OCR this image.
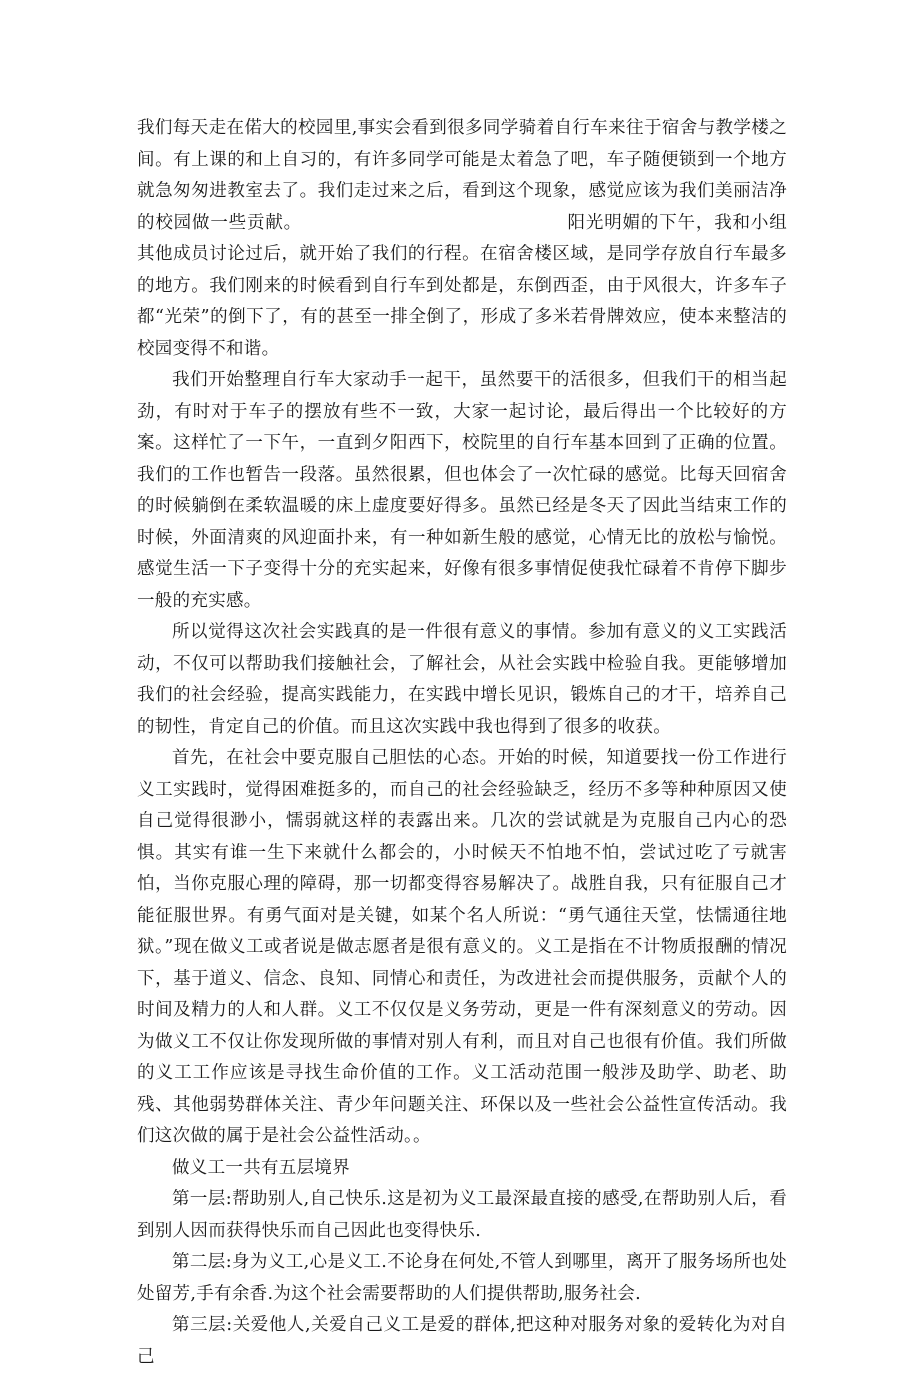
我们每天走在偌大的校园里,事实会看到很多同学骑着自行车来往于宿舍与教学楼之间。有上课的和上自习的，有许多同学可能是太着急了吧，车子随便锁到一个地方就急匆匆进教室去了。我们走过来之后，看到这个现象，感觉应该为我们美丽洁净的校园做一些贡献。	阳光明媚的下午，我和小组其他成员讨论过后，就开始了我们的行程。在宿舍楼区域，是同学存放自行车最多的地方。我们刚来的时候看到自行车到处都是，东倒西歪，由于风很大，许多车子都“光荣”的倒下了，有的甚至一排全倒了，形成了多米若骨牌效应，使本来整洁的校园变得不和谐。

我们开始整理自行车大家动手一起干，虽然要干的活很多，但我们干的相当起劲，有时对于车子的摆放有些不一致，大家一起讨论，最后得出一个比较好的方案。这样忙了一下午，一直到夕阳西下，校院里的自行车基本回到了正确的位置。我们的工作也暂告一段落。虽然很累，但也体会了一次忙碌的感觉。比每天回宿舍的时候躺倒在柔软温暖的床上虚度要好得多。虽然已经是冬天了因此当结束工作的时候，外面清爽的风迎面扑来，有一种如新生般的感觉，心情无比的放松与愉悦。感觉生活一下子变得十分的充实起来，好像有很多事情促使我忙碌着不肯停下脚步一般的充实感。

所以觉得这次社会实践真的是一件很有意义的事情。参加有意义的义工实践活动，不仅可以帮助我们接触社会，了解社会，从社会实践中检验自我。更能够增加我们的社会经验，提高实践能力，在实践中增长见识，锻炼自己的才干，培养自己的韧性，肯定自己的价值。而且这次实践中我也得到了很多的收获。

首先，在社会中要克服自己胆怯的心态。开始的时候，知道要找一份工作进行义工实践时，觉得困难挺多的，而自己的社会经验缺乏，经历不多等种种原因又使自己觉得很渺小，懦弱就这样的表露出来。几次的尝试就是为克服自己内心的恐惧。其实有谁一生下来就什么都会的，小时候天不怕地不怕，尝试过吃了亏就害怕，当你克服心理的障碍，那一切都变得容易解决了。战胜自我，只有征服自己才能征服世界。有勇气面对是关键，如某个名人所说：“勇气通往天堂，怯懦通往地狱。”现在做义工或者说是做志愿者是很有意义的。义工是指在不计物质报酬的情况下，基于道义、信念、良知、同情心和责任，为改进社会而提供服务，贡献个人的时间及精力的人和人群。义工不仅仅是义务劳动，更是一件有深刻意义的劳动。因为做义工不仅让你发现所做的事情对别人有利，而且对自己也很有价值。我们所做的义工工作应该是寻找生命价值的工作。义工活动范围一般涉及助学、助老、助残、其他弱势群体关注、青少年问题关注、环保以及一些社会公益性宣传活动。我们这次做的属于是社会公益性活动。。

做义工一共有五层境界

第一层:帮助别人,自己快乐.这是初为义工最深最直接的感受,在帮助别人后，看到别人因而获得快乐而自己因此也变得快乐.

第二层:身为义工,心是义工.不论身在何处,不管人到哪里，离开了服务场所也处处留芳,手有余香.为这个社会需要帮助的人们提供帮助,服务社会.

第三层:关爱他人,关爱自己义工是爱的群体,把这种对服务对象的爱转化为对自己
